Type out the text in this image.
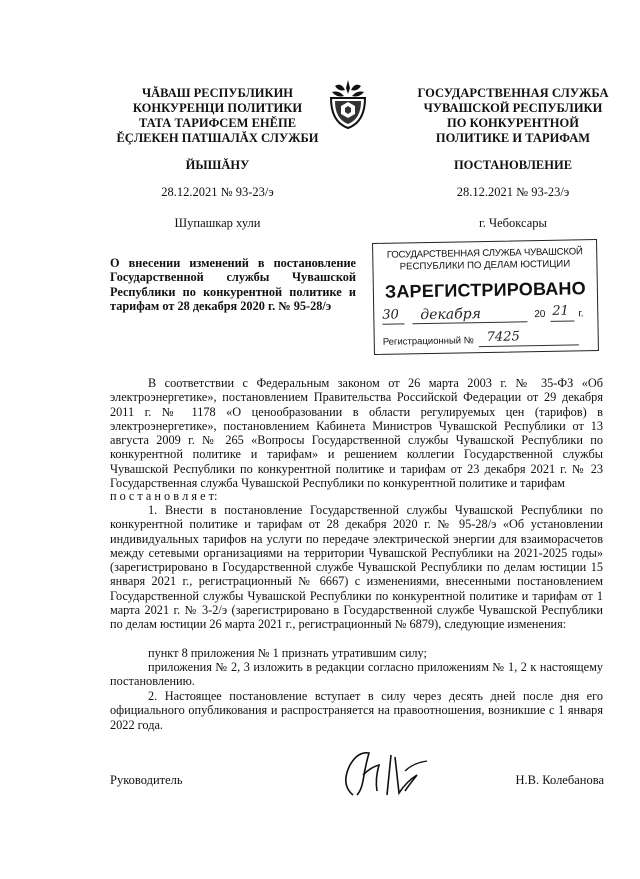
ЧĂВАШ РЕСПУБЛИКИН
КОНКУРЕНЦИ ПОЛИТИКИ
ТАТА ТАРИФСЕМ ЕНĔПЕ
ĔÇЛЕКЕН ПАТШАЛĂХ СЛУЖБИ
ГОСУДАРСТВЕННАЯ СЛУЖБА
ЧУВАШСКОЙ РЕСПУБЛИКИ
ПО КОНКУРЕНТНОЙ
ПОЛИТИКЕ И ТАРИФАМ
ЙЫШĂНУ	ПОСТАНОВЛЕНИЕ
28.12.2021 № 93-23/э	28.12.2021 № 93-23/э
Шупашкар хули	г. Чебоксары
О внесении изменений в постановление Государственной службы Чувашской Республики по конкурентной политике и тарифам от 28 декабря 2020 г. № 95-28/э
ГОСУДАРСТВЕННАЯ СЛУЖБА ЧУВАШСКОЙ
РЕСПУБЛИКИ ПО ДЕЛАМ ЮСТИЦИИ
ЗАРЕГИСТРИРОВАНО
30 декабря	20 21 г.
Регистрационный № 7425
В соответствии с Федеральным законом от 26 марта 2003 г. № 35-ФЗ «Об электроэнергетике», постановлением Правительства Российской Федерации от 29 декабря 2011 г. № 1178 «О ценообразовании в области регулируемых цен (тарифов) в электроэнергетике», постановлением Кабинета Министров Чувашской Республики от 13 августа 2009 г. № 265 «Вопросы Государственной службы Чувашской Республики по конкурентной политике и тарифам» и решением коллегии Государственной службы Чувашской Республики по конкурентной политике и тарифам от 23 декабря 2021 г. № 23 Государственная служба Чувашской Республики по конкурентной политике и тарифам
п о с т а н о в л я е т:
1. Внести в постановление Государственной службы Чувашской Республики по конкурентной политике и тарифам от 28 декабря 2020 г. № 95-28/э «Об установлении индивидуальных тарифов на услуги по передаче электрической энергии для взаиморасчетов между сетевыми организациями на территории Чувашской Республики на 2021-2025 годы» (зарегистрировано в Государственной службе Чувашской Республики по делам юстиции 15 января 2021 г., регистрационный № 6667) с изменениями, внесенными постановлением Государственной службы Чувашской Республики по конкурентной политике и тарифам от 1 марта 2021 г. № 3-2/э (зарегистрировано в Государственной службе Чувашской Республики по делам юстиции 26 марта 2021 г., регистрационный № 6879), следующие изменения:
пункт 8 приложения № 1 признать утратившим силу;
приложения № 2, 3 изложить в редакции согласно приложениям № 1, 2 к настоящему постановлению.
2. Настоящее постановление вступает в силу через десять дней после дня его официального опубликования и распространяется на правоотношения, возникшие с 1 января 2022 года.
Руководитель	Н.В. Колебанова
